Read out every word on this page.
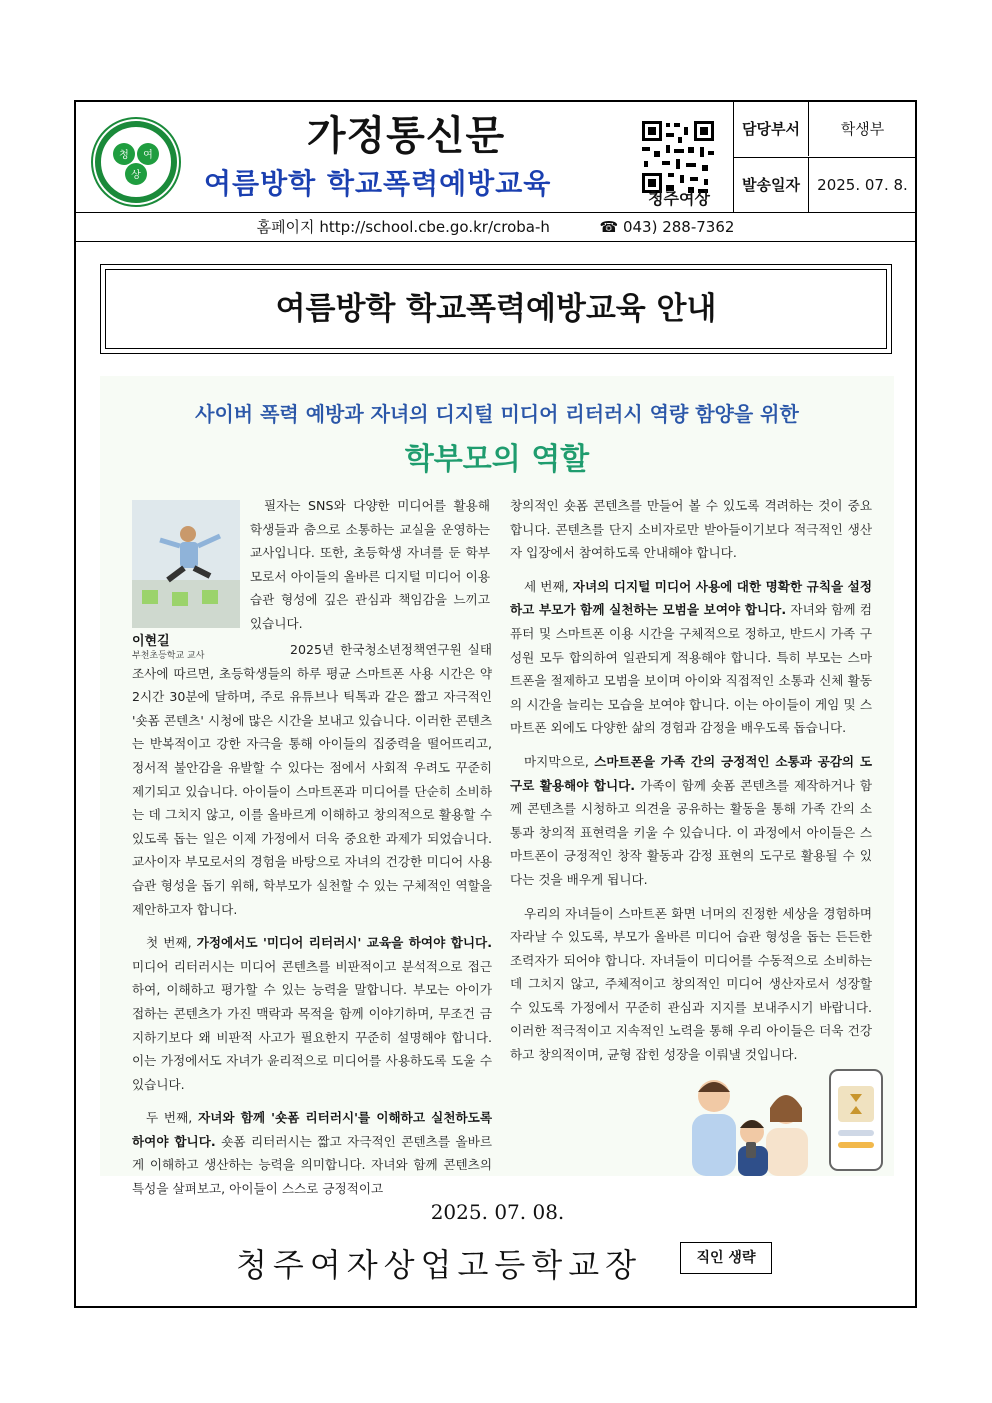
청 여
상
가정통신문
여름방학 학교폭력예방교육	청주여상
담당부서	학생부
발송일자	2025. 07. 8.
홈페이지 http://school.cbe.go.kr/croba-h	☎ 043) 288-7362
여름방학 학교폭력예방교육 안내
사이버 폭력 예방과 자녀의 디지털 미디어 리터러시 역량 함양을 위한
학부모의 역할
이현길
부천초등학교 교사
필자는 SNS와 다양한 미디어를 활용해 학생들과 춤으로 소통하는 교실을 운영하는 교사입니다. 또한, 초등학생 자녀를 둔 학부모로서 아이들의 올바른 디지털 미디어 이용 습관 형성에 깊은 관심과 책임감을 느끼고 있습니다.

2025년 한국청소년정책연구원 실태 조사에 따르면, 초등학생들의 하루 평균 스마트폰 사용 시간은 약 2시간 30분에 달하며, 주로 유튜브나 틱톡과 같은 짧고 자극적인 '숏폼 콘텐츠' 시청에 많은 시간을 보내고 있습니다. 이러한 콘텐츠는 반복적이고 강한 자극을 통해 아이들의 집중력을 떨어뜨리고, 정서적 불안감을 유발할 수 있다는 점에서 사회적 우려도 꾸준히 제기되고 있습니다. 아이들이 스마트폰과 미디어를 단순히 소비하는 데 그치지 않고, 이를 올바르게 이해하고 창의적으로 활용할 수 있도록 돕는 일은 이제 가정에서 더욱 중요한 과제가 되었습니다. 교사이자 부모로서의 경험을 바탕으로 자녀의 건강한 미디어 사용 습관 형성을 돕기 위해, 학부모가 실천할 수 있는 구체적인 역할을 제안하고자 합니다.

첫 번째, 가정에서도 '미디어 리터러시' 교육을 하여야 합니다. 미디어 리터러시는 미디어 콘텐츠를 비판적이고 분석적으로 접근하여, 이해하고 평가할 수 있는 능력을 말합니다. 부모는 아이가 접하는 콘텐츠가 가진 맥락과 목적을 함께 이야기하며, 무조건 금지하기보다 왜 비판적 사고가 필요한지 꾸준히 설명해야 합니다. 이는 가정에서도 자녀가 윤리적으로 미디어를 사용하도록 도울 수 있습니다.

두 번째, 자녀와 함께 '숏폼 리터러시'를 이해하고 실천하도록 하여야 합니다. 숏폼 리터러시는 짧고 자극적인 콘텐츠를 올바르게 이해하고 생산하는 능력을 의미합니다. 자녀와 함께 콘텐츠의 특성을 살펴보고, 아이들이 스스로 긍정적이고

창의적인 숏폼 콘텐츠를 만들어 볼 수 있도록 격려하는 것이 중요합니다. 콘텐츠를 단지 소비자로만 받아들이기보다 적극적인 생산자 입장에서 참여하도록 안내해야 합니다.

세 번째, 자녀의 디지털 미디어 사용에 대한 명확한 규칙을 설정하고 부모가 함께 실천하는 모범을 보여야 합니다. 자녀와 함께 컴퓨터 및 스마트폰 이용 시간을 구체적으로 정하고, 반드시 가족 구성원 모두 합의하여 일관되게 적용해야 합니다. 특히 부모는 스마트폰을 절제하고 모범을 보이며 아이와 직접적인 소통과 신체 활동의 시간을 늘리는 모습을 보여야 합니다. 이는 아이들이 게임 및 스마트폰 외에도 다양한 삶의 경험과 감정을 배우도록 돕습니다.

마지막으로, 스마트폰을 가족 간의 긍정적인 소통과 공감의 도구로 활용해야 합니다. 가족이 함께 숏폼 콘텐츠를 제작하거나 함께 콘텐츠를 시청하고 의견을 공유하는 활동을 통해 가족 간의 소통과 창의적 표현력을 키울 수 있습니다. 이 과정에서 아이들은 스마트폰이 긍정적인 창작 활동과 감정 표현의 도구로 활용될 수 있다는 것을 배우게 됩니다.

우리의 자녀들이 스마트폰 화면 너머의 진정한 세상을 경험하며 자라날 수 있도록, 부모가 올바른 미디어 습관 형성을 돕는 든든한 조력자가 되어야 합니다. 자녀들이 미디어를 수동적으로 소비하는 데 그치지 않고, 주체적이고 창의적인 미디어 생산자로서 성장할 수 있도록 가정에서 꾸준히 관심과 지지를 보내주시기 바랍니다. 이러한 적극적이고 지속적인 노력을 통해 우리 아이들은 더욱 건강하고 창의적이며, 균형 잡힌 성장을 이뤄낼 것입니다.

2025. 07. 08.
청주여자상업고등학교장	직인 생략
